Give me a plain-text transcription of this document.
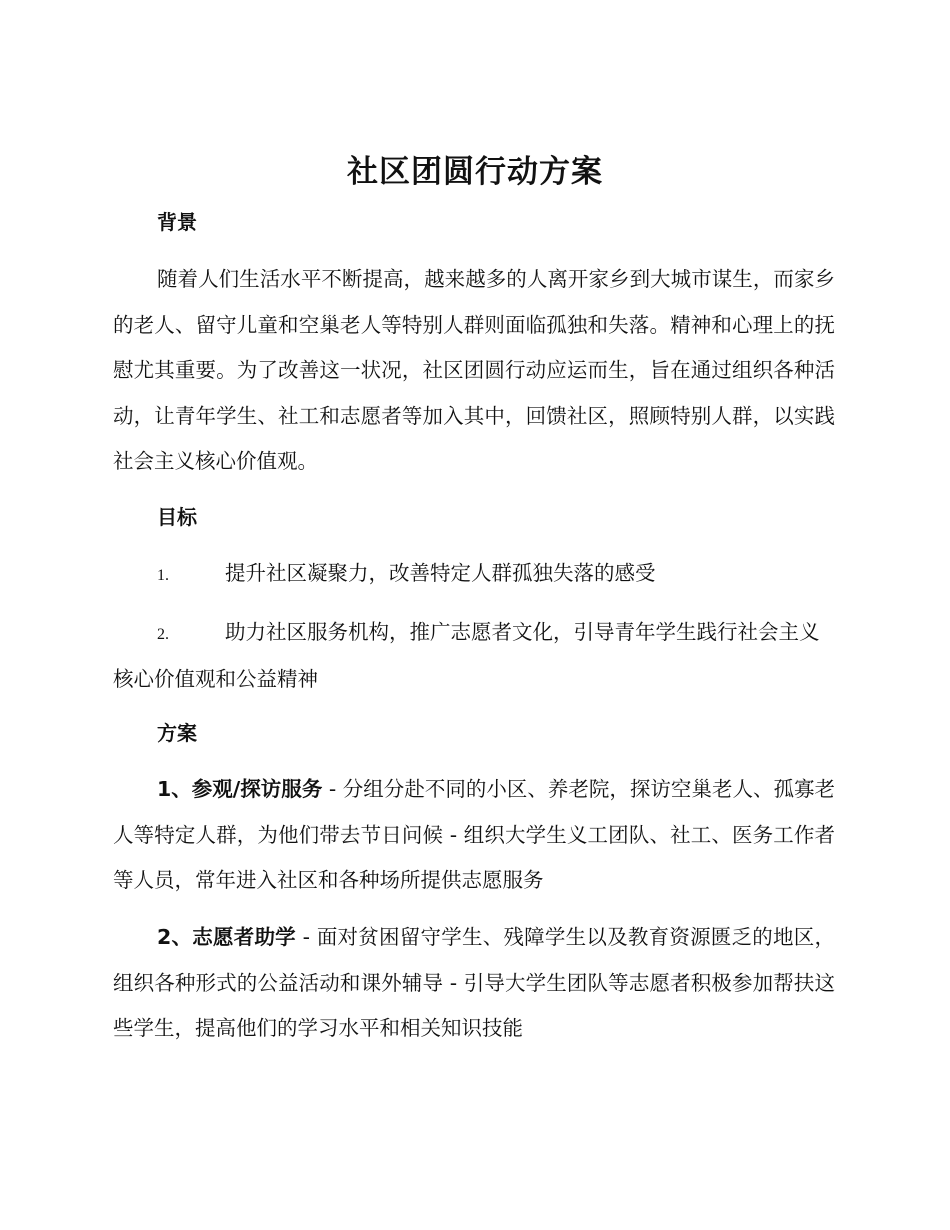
社区团圆行动方案
背景
随着人们生活水平不断提高，越来越多的人离开家乡到大城市谋生，而家乡的老人、留守儿童和空巢老人等特别人群则面临孤独和失落。精神和心理上的抚慰尤其重要。为了改善这一状况，社区团圆行动应运而生，旨在通过组织各种活动，让青年学生、社工和志愿者等加入其中，回馈社区，照顾特别人群，以实践社会主义核心价值观。
目标
1.	提升社区凝聚力，改善特定人群孤独失落的感受
2.	助力社区服务机构，推广志愿者文化，引导青年学生践行社会主义核心价值观和公益精神
方案
1、参观/探访服务 - 分组分赴不同的小区、养老院，探访空巢老人、孤寡老人等特定人群，为他们带去节日问候 - 组织大学生义工团队、社工、医务工作者等人员，常年进入社区和各种场所提供志愿服务
2、志愿者助学 - 面对贫困留守学生、残障学生以及教育资源匮乏的地区，组织各种形式的公益活动和课外辅导 - 引导大学生团队等志愿者积极参加帮扶这些学生，提高他们的学习水平和相关知识技能
